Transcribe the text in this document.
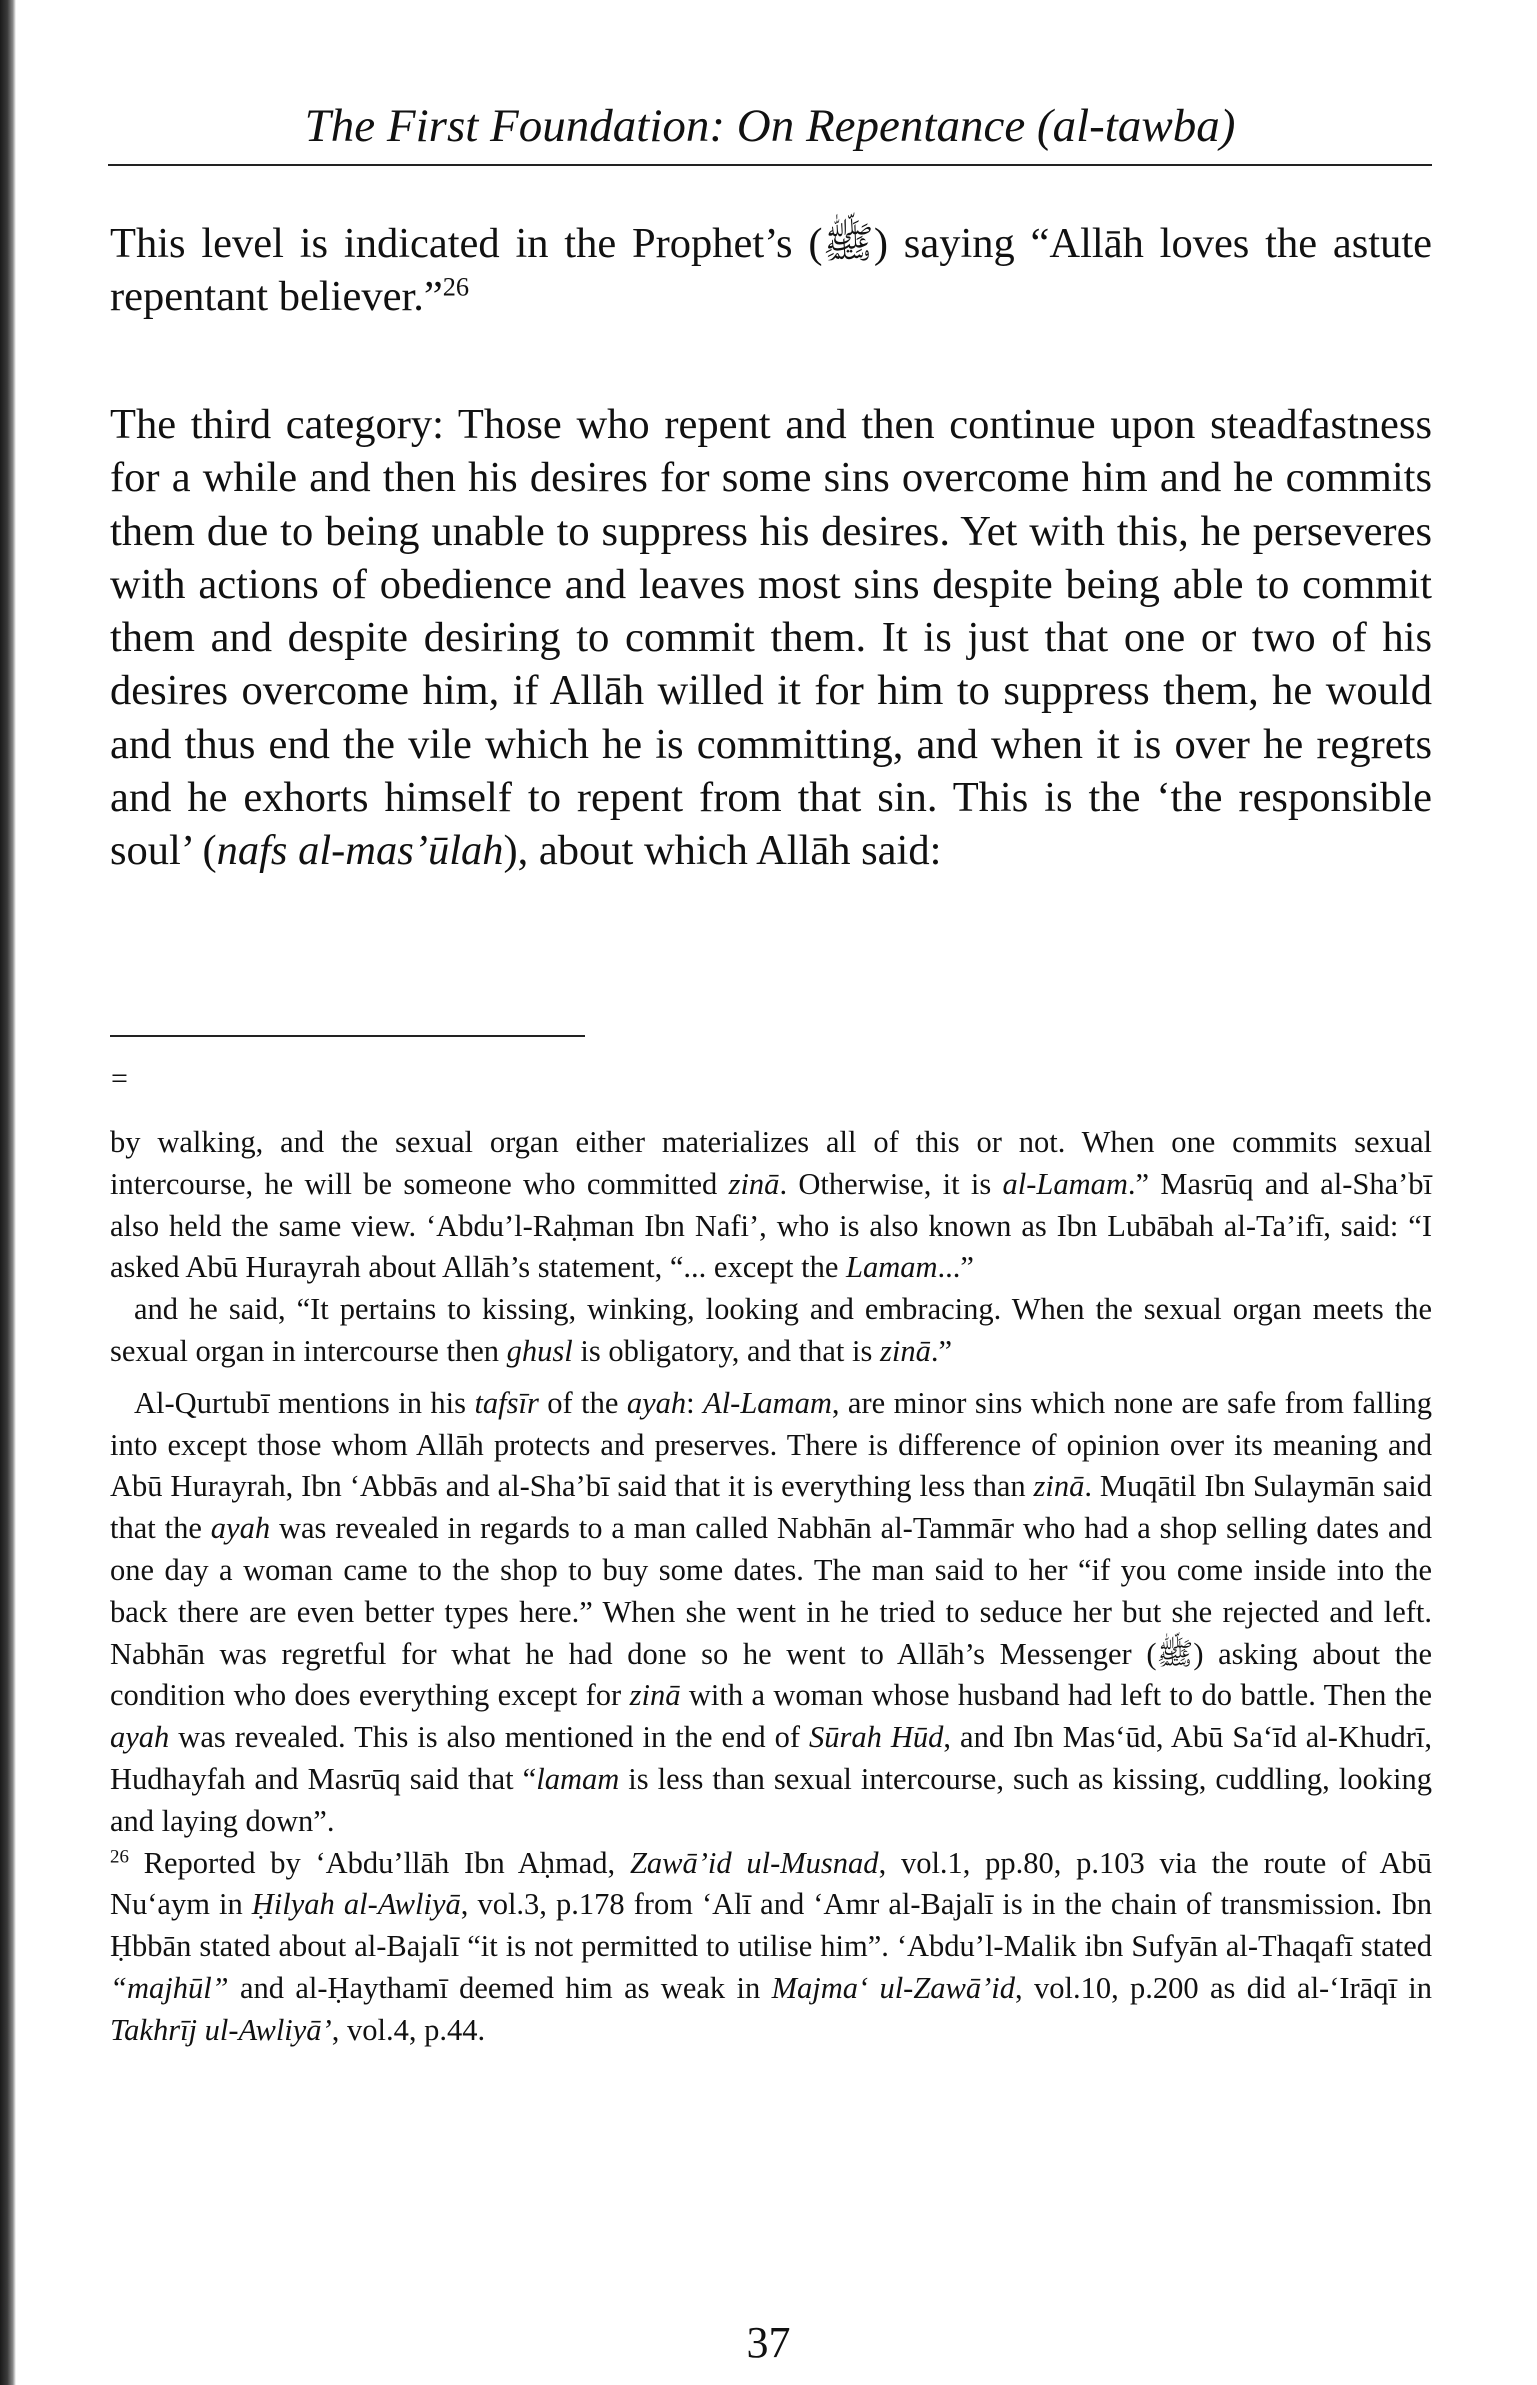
The First Foundation: On Repentance (al-tawba)

This level is indicated in the Prophet’s (ﷺ) saying “Allāh loves the astute repentant believer.”$^{26}$

The third category: Those who repent and then continue upon steadfastness for a while and then his desires for some sins overcome him and he commits them due to being unable to suppress his desires. Yet with this, he perseveres with actions of obedience and leaves most sins despite being able to commit them and despite desiring to commit them. It is just that one or two of his desires overcome him, if Allāh willed it for him to suppress them, he would and thus end the vile which he is committing, and when it is over he regrets and he exhorts himself to repent from that sin. This is the ‘the responsible soul’ (nafs al-mas’ūlah), about which Allāh said:

=

by walking, and the sexual organ either materializes all of this or not. When one commits sexual intercourse, he will be someone who committed zinā. Otherwise, it is al-Lamam.” Masrūq and al-Sha’bī also held the same view. ‘Abdu’l-Raḥman Ibn Nafi’, who is also known as Ibn Lubābah al-Ta’ifī, said: “I asked Abū Hurayrah about Allāh’s statement, “... except the Lamam...”

and he said, “It pertains to kissing, winking, looking and embracing. When the sexual organ meets the sexual organ in intercourse then ghusl is obligatory, and that is zinā.”

Al-Qurtubī mentions in his tafsīr of the ayah: Al-Lamam, are minor sins which none are safe from falling into except those whom Allāh protects and preserves. There is difference of opinion over its meaning and Abū Hurayrah, Ibn ‘Abbās and al-Sha’bī said that it is everything less than zinā. Muqātil Ibn Sulaymān said that the ayah was revealed in regards to a man called Nabhān al-Tammār who had a shop selling dates and one day a woman came to the shop to buy some dates. The man said to her “if you come inside into the back there are even better types here.” When she went in he tried to seduce her but she rejected and left. Nabhān was regretful for what he had done so he went to Allāh’s Messenger (ﷺ) asking about the condition who does everything except for zinā with a woman whose husband had left to do battle. Then the ayah was revealed. This is also mentioned in the end of Sūrah Hūd, and Ibn Mas‘ūd, Abū Sa‘īd al-Khudrī, Hudhayfah and Masrūq said that “lamam is less than sexual intercourse, such as kissing, cuddling, looking and laying down”.

$^{26}$ Reported by ‘Abdu’llāh Ibn Aḥmad, Zawā’id ul-Musnad, vol.1, pp.80, p.103 via the route of Abū Nu‘aym in Ḥilyah al-Awliyā, vol.3, p.178 from ‘Alī and ‘Amr al-Bajalī is in the chain of transmission. Ibn Ḥbbān stated about al-Bajalī “it is not permitted to utilise him”. ‘Abdu’l-Malik ibn Sufyān al-Thaqafī stated “majhūl” and al-Ḥaythamī deemed him as weak in Majma‘ ul-Zawā’id, vol.10, p.200 as did al-‘Irāqī in Takhrīj ul-Awliyā’, vol.4, p.44.

37
